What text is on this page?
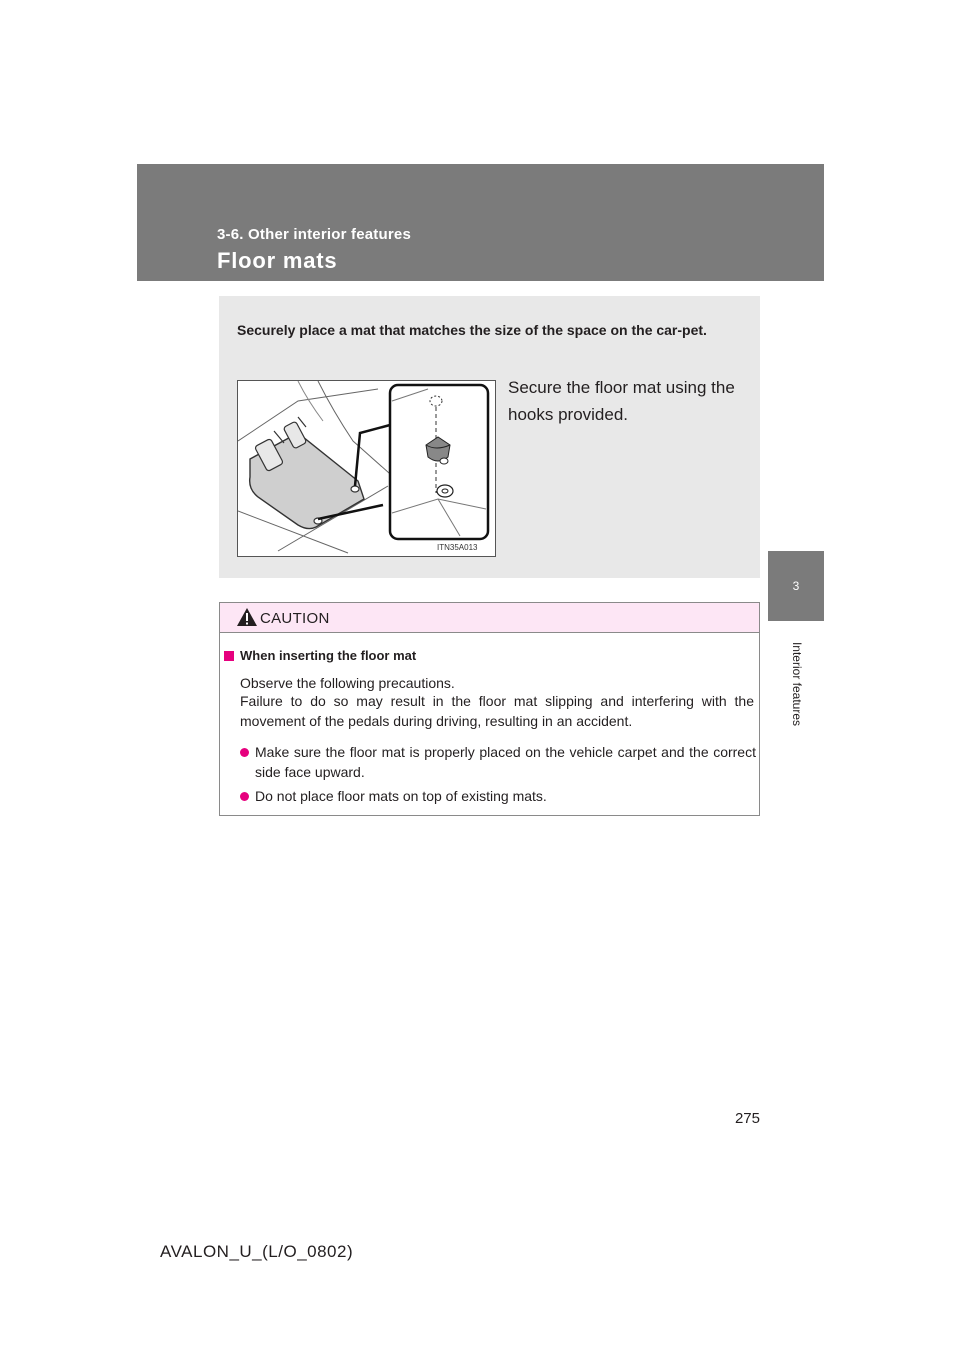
3-6. Other interior features
Floor mats
3
Interior features
Securely place a mat that matches the size of the space on the car-pet.
ITN35A013
Secure the floor mat using the hooks provided.
CAUTION
When inserting the floor mat
Observe the following precautions.
Failure to do so may result in the floor mat slipping and interfering with the movement of the pedals during driving, resulting in an accident.
Make sure the floor mat is properly placed on the vehicle carpet and the correct side face upward.
Do not place floor mats on top of existing mats.
275
AVALON_U_(L/O_0802)
